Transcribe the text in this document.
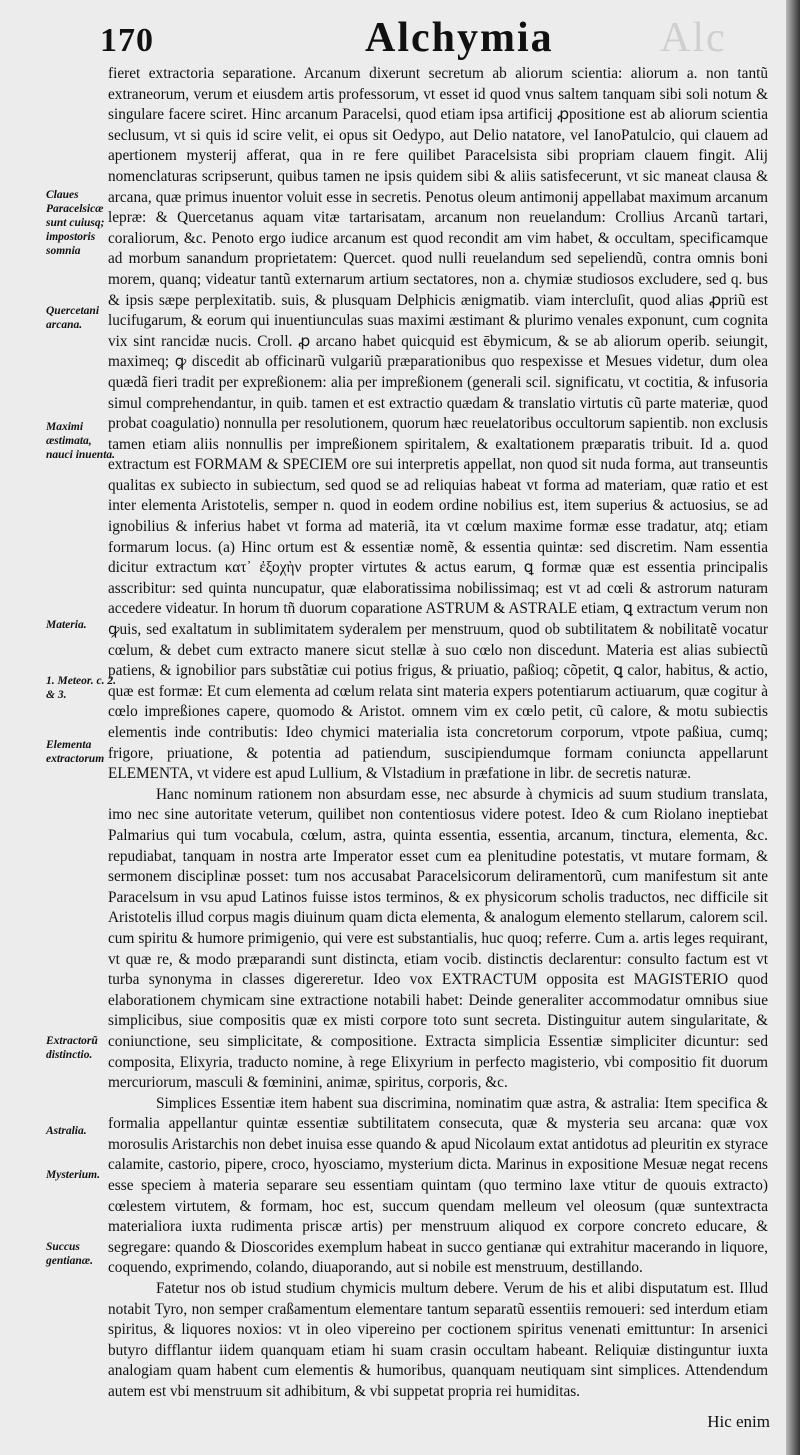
170	Alchymia	Alc
Claues Paracelsicæ sunt cuiusq; impostoris somnia
Quercetani arcana.
Maximi æstimata, nauci inuenta.
Materia.
1. Meteor. c. 2. & 3.
Elementa extractorum
Extractorũ distinctio.
Astralia.
Mysterium.
Succus gentianæ.

fieret extractoria separatione. Arcanum dixerunt secretum ab aliorum scientia: aliorum a. non tantũ extraneorum, verum et eiusdem artis professorum, vt esset id quod vnus saltem tanquam sibi soli notum & singulare facere sciret. Hinc arcanum Paracelsi, quod etiam ipsa artificij ꝓpositione est ab aliorum scientia seclusum, vt si quis id scire velit, ei opus sit Oedypo, aut Delio natatore, vel IanoPatulcio, qui clauem ad apertionem mysterij afferat, qua in re fere quilibet Paracelsista sibi propriam clauem fingit. Alij nomenclaturas scripserunt, quibus tamen ne ipsis quidem sibi & aliis satisfecerunt, vt sic maneat clausa & arcana, quæ primus inuentor voluit esse in secretis. Penotus oleum antimonij appellabat maximum arcanum lepræ: & Quercetanus aquam vitæ tartarisatam, arcanum non reuelandum: Crollius Arcanũ tartari, coraliorum, &c. Penoto ergo iudice arcanum est quod recondit am vim habet, & occultam, specificamque ad morbum sanandum proprietatem: Quercet. quod nulli reuelandum sed sepeliendũ, contra omnis boni morem, quanq; videatur tantũ externarum artium sectatores, non a. chymiæ studiosos excludere, sed q. bus & ipsis sæpe perplexitatib. suis, & plusquam Delphicis ænigmatib. viam intercluſit, quod alias ꝓpriũ est lucifugarum, & eorum qui inuentiunculas suas maximi æstimant & plurimo venales exponunt, cum cognita vix sint rancidæ nucis. Croll. ꝓ arcano habet quicquid est ēbymicum, & se ab aliorum operib. seiungit, maximeq; ꝙ discedit ab officinarũ vulgariũ præparationibus quo respexisse et Mesues videtur, dum olea quædã fieri tradit per expreßionem: alia per impreßionem (generali scil. significatu, vt coctitia, & infusoria simul comprehendantur, in quib. tamen et est extractio quædam & translatio virtutis cũ parte materiæ, quod probat coagulatio) nonnulla per resolutionem, quorum hæc reuelatoribus occultorum sapientib. non exclusis tamen etiam aliis nonnullis per impreßionem spiritalem, & exaltationem præparatis tribuit. Id a. quod extractum est FORMAM & SPECIEM ore sui interpretis appellat, non quod sit nuda forma, aut transeuntis qualitas ex subiecto in subiectum, sed quod se ad reliquias habeat vt forma ad materiam, quæ ratio et est inter elementa Aristotelis, semper n. quod in eodem ordine nobilius est, item superius & actuosius, se ad ignobilius & inferius habet vt forma ad materiã, ita vt cœlum maxime formæ esse tradatur, atq; etiam formarum locus. (a) Hinc ortum est & essentiæ nomẽ, & essentia quintæ: sed discretim. Nam essentia dicitur extractum κατ᾽ ἐξοχὴν propter virtutes & actus earum, ꝗ formæ quæ est essentia principalis asscribitur: sed quinta nuncupatur, quæ elaboratissima nobilissimaq; est vt ad cœli & astrorum naturam accedere videatur. In horum tñ duorum coparatione ASTRUM & ASTRALE etiam, ꝗ extractum verum non ꝙuis, sed exaltatum in sublimitatem syderalem per menstruum, quod ob subtilitatem & nobilitatẽ vocatur cœlum, & debet cum extracto manere sicut stellæ à suo cœlo non discedunt. Materia est alias subiectũ patiens, & ignobilior pars substãtiæ cui potius frigus, & priuatio, paßioq; cõpetit, ꝗ calor, habitus, & actio, quæ est formæ: Et cum elementa ad cœlum relata sint materia expers potentiarum actiuarum, quæ cogitur à cœlo impreßiones capere, quomodo & Aristot. omnem vim ex cœlo petit, cũ calore, & motu subiectis elementis inde contributis: Ideo chymici materialia ista concretorum corporum, vtpote paßiua, cumq; frigore, priuatione, & potentia ad patiendum, suscipiendumque formam coniuncta appellarunt ELEMENTA, vt videre est apud Lullium, & Vlstadium in præfatione in libr. de secretis naturæ.

Hanc nominum rationem non absurdam esse, nec absurde à chymicis ad suum studium translata, imo nec sine autoritate veterum, quilibet non contentiosus videre potest. Ideo & cum Riolano ineptiebat Palmarius qui tum vocabula, cœlum, astra, quinta essentia, essentia, arcanum, tinctura, elementa, &c. repudiabat, tanquam in nostra arte Imperator esset cum ea plenitudine potestatis, vt mutare formam, & sermonem disciplinæ posset: tum nos accusabat Paracelsicorum deliramentorũ, cum manifestum sit ante Paracelsum in vsu apud Latinos fuisse istos terminos, & ex physicorum scholis traductos, nec difficile sit Aristotelis illud corpus magis diuinum quam dicta elementa, & analogum elemento stellarum, calorem scil. cum spiritu & humore primigenio, qui vere est substantialis, huc quoq; referre. Cum a. artis leges requirant, vt quæ re, & modo præparandi sunt distincta, etiam vocib. distinctis declarentur: consulto factum est vt turba synonyma in classes digereretur. Ideo vox EXTRACTUM opposita est MAGISTERIO quod elaborationem chymicam sine extractione notabili habet: Deinde generaliter accommodatur omnibus siue simplicibus, siue compositis quæ ex misti corpore toto sunt secreta. Distinguitur autem singularitate, & coniunctione, seu simplicitate, & compositione. Extracta simplicia Essentiæ simpliciter dicuntur: sed composita, Elixyria, traducto nomine, à rege Elixyrium in perfecto magisterio, vbi compositio fit duorum mercuriorum, masculi & fœminini, animæ, spiritus, corporis, &c.

Simplices Essentiæ item habent sua discrimina, nominatim quæ astra, & astralia: Item specifica & formalia appellantur quintæ essentiæ subtilitatem consecuta, quæ & mysteria seu arcana: quæ vox morosulis Aristarchis non debet inuisa esse quando & apud Nicolaum extat antidotus ad pleuritin ex styrace calamite, castorio, pipere, croco, hyosciamo, mysterium dicta. Marinus in expositione Mesuæ negat recens esse speciem à materia separare seu essentiam quintam (quo termino laxe vtitur de quouis extracto) cœlestem virtutem, & formam, hoc est, succum quendam melleum vel oleosum (quæ suntextracta materialiora iuxta rudimenta priscæ artis) per menstruum aliquod ex corpore concreto educare, & segregare: quando & Dioscorides exemplum habeat in succo gentianæ qui extrahitur macerando in liquore, coquendo, exprimendo, colando, diuaporando, aut si nobile est menstruum, destillando.

Fatetur nos ob istud studium chymicis multum debere. Verum de his et alibi disputatum est. Illud notabit Tyro, non semper craßamentum elementare tantum separatũ essentiis remoueri: sed interdum etiam spiritus, & liquores noxios: vt in oleo vipereino per coctionem spiritus venenati emittuntur: In arsenici butyro difflantur iidem quanquam etiam hi suam crasin occultam habeant. Reliquiæ distinguntur iuxta analogiam quam habent cum elementis & humoribus, quanquam neutiquam sint simplices. Attendendum autem est vbi menstruum sit adhibitum, & vbi suppetat propria rei humiditas.

Hic enim
